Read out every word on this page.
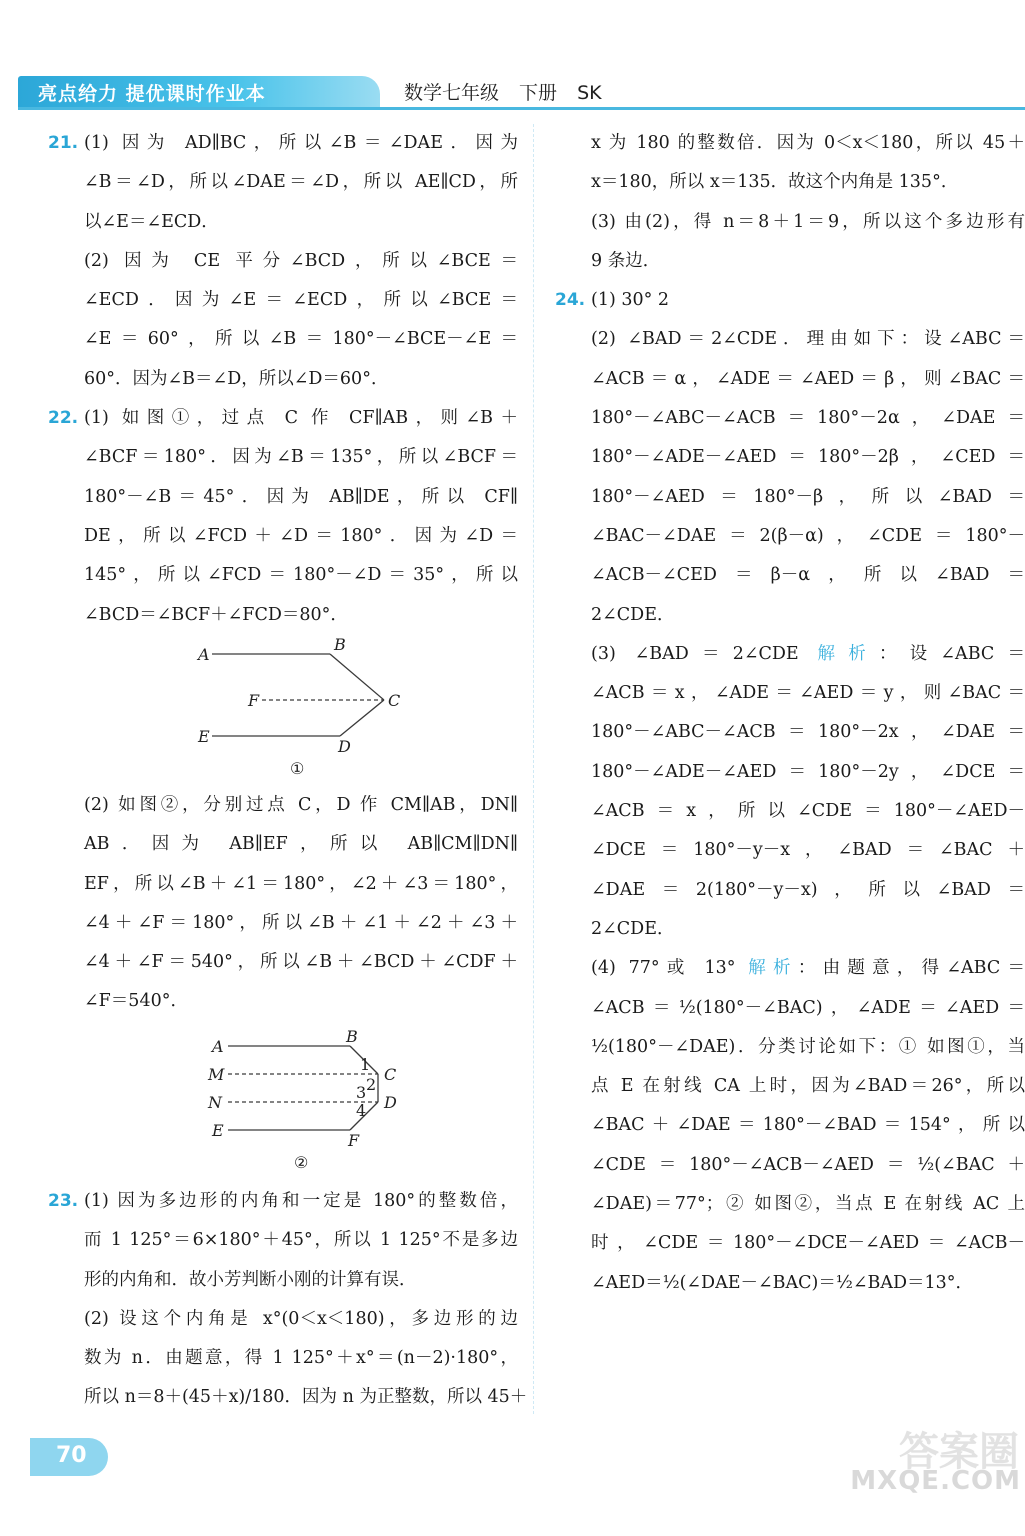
亮点给力 提优课时作业本	数学七年级 下册 SK
21. (1) 因为 AD∥BC，所以∠B＝∠DAE．因为
∠B＝∠D，所以∠DAE＝∠D，所以 AE∥CD，所
以∠E＝∠ECD．
(2) 因为 CE 平分∠BCD，所以∠BCE＝
∠ECD．因为∠E＝∠ECD，所以∠BCE＝
∠E＝60°，所以∠B＝180°－∠BCE－∠E＝
60°．因为∠B＝∠D，所以∠D＝60°．
22. (1) 如图①，过点 C 作 CF∥AB，则∠B＋
∠BCF＝180°．因为∠B＝135°，所以∠BCF＝
180°－∠B＝45°．因为 AB∥DE，所以 CF∥
DE，所以∠FCD＋∠D＝180°．因为∠D＝
145°，所以∠FCD＝180°－∠D＝35°，所以
∠BCD＝∠BCF＋∠FCD＝80°．
A
B
C
D
E
F
①
(2) 如图②，分别过点 C，D 作 CM∥AB，DN∥
AB．因为 AB∥EF，所以 AB∥CM∥DN∥
EF，所以∠B＋∠1＝180°，∠2＋∠3＝180°，
∠4＋∠F＝180°，所以∠B＋∠1＋∠2＋∠3＋
∠4＋∠F＝540°，所以∠B＋∠BCD＋∠CDF＋
∠F＝540°．
A
B
M
N
E
F
C
D
1
2
3
4
②
23. (1) 因为多边形的内角和一定是 180°的整数倍，
而 1 125°＝6×180°＋45°，所以 1 125°不是多边
形的内角和．故小芳判断小刚的计算有误．
(2) 设这个内角是 x°(0＜x＜180)，多边形的边
数为 n．由题意，得 1 125°＋x°＝(n－2)·180°，
所以 n＝8＋(45＋x)/180．因为 n 为正整数，所以 45＋
x 为 180 的整数倍．因为 0＜x＜180，所以 45＋
x＝180，所以 x＝135．故这个内角是 135°．
(3) 由(2)，得 n＝8＋1＝9，所以这个多边形有
9 条边．
24. (1) 30° 2
(2) ∠BAD＝2∠CDE．理由如下：设∠ABC＝
∠ACB＝α，∠ADE＝∠AED＝β，则∠BAC＝
180°－∠ABC－∠ACB＝180°－2α，∠DAE＝
180°－∠ADE－∠AED＝180°－2β，∠CED＝
180°－∠AED＝180°－β，所以∠BAD＝
∠BAC－∠DAE＝2(β－α)，∠CDE＝180°－
∠ACB－∠CED＝β－α，所以∠BAD＝
2∠CDE．
(3) ∠BAD＝2∠CDE 解析：设∠ABC＝
∠ACB＝x，∠ADE＝∠AED＝y，则∠BAC＝
180°－∠ABC－∠ACB＝180°－2x，∠DAE＝
180°－∠ADE－∠AED＝180°－2y，∠DCE＝
∠ACB＝x，所以∠CDE＝180°－∠AED－
∠DCE＝180°－y－x，∠BAD＝∠BAC＋
∠DAE＝2(180°－y－x)，所以∠BAD＝
2∠CDE．
(4) 77°或 13° 解析：由题意，得∠ABC＝
∠ACB＝½(180°－∠BAC)，∠ADE＝∠AED＝
½(180°－∠DAE)．分类讨论如下：① 如图①，当
点 E 在射线 CA 上时，因为∠BAD＝26°，所以
∠BAC＋∠DAE＝180°－∠BAD＝154°，所以
∠CDE＝180°－∠ACB－∠AED＝½(∠BAC＋
∠DAE)＝77°；② 如图②，当点 E 在射线 AC 上
时，∠CDE＝180°－∠DCE－∠AED＝∠ACB－
∠AED＝½(∠DAE－∠BAC)＝½∠BAD＝13°．
70	答案圈
MXQE.COM
